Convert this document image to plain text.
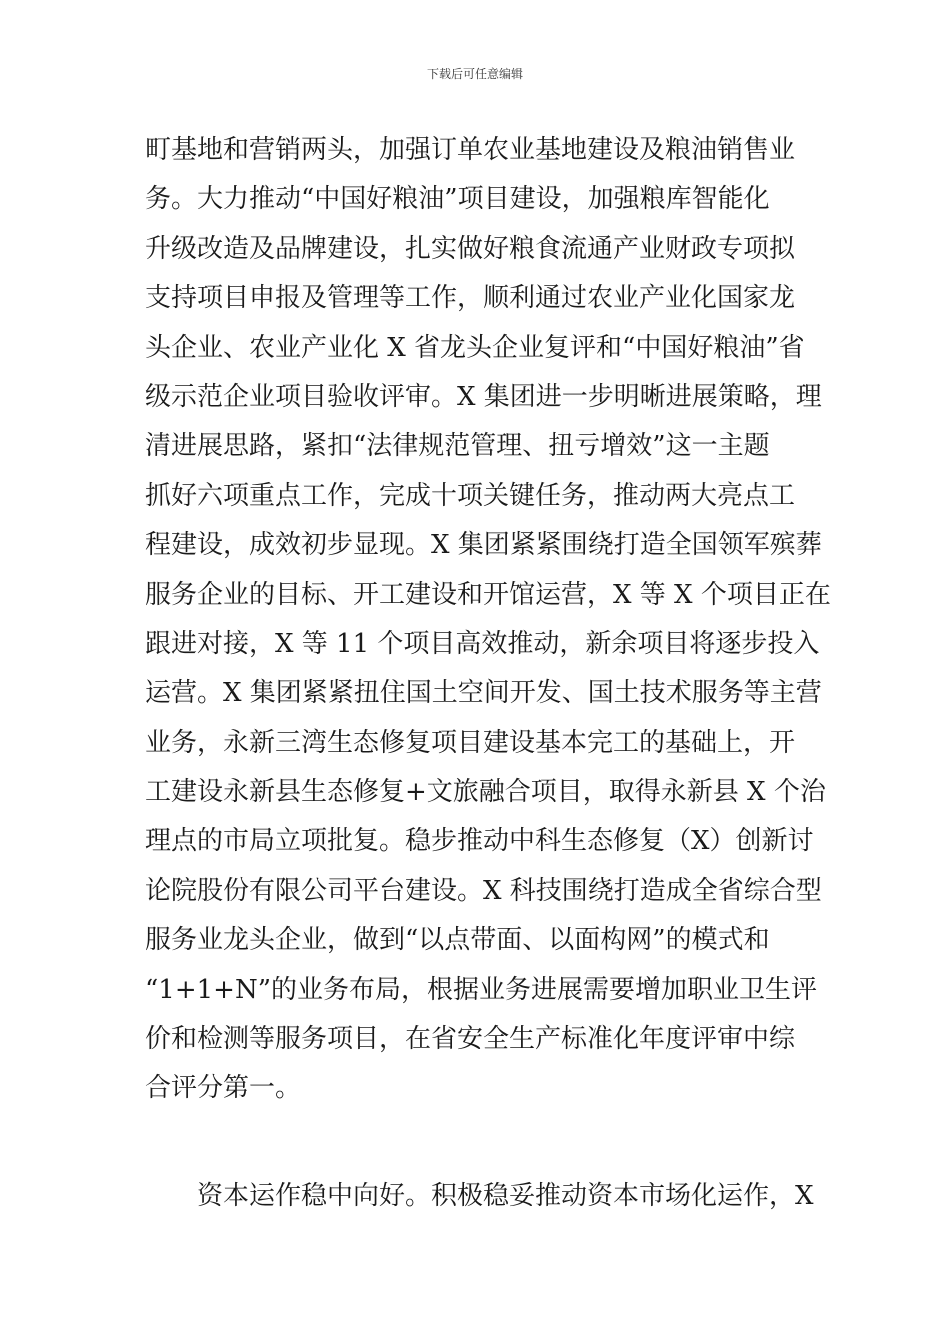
下载后可任意编辑
町基地和营销两头，加强订单农业基地建设及粮油销售业
务。大力推动“中国好粮油”项目建设，加强粮库智能化
升级改造及品牌建设，扎实做好粮食流通产业财政专项拟
支持项目申报及管理等工作，顺利通过农业产业化国家龙
头企业、农业产业化 X 省龙头企业复评和“中国好粮油”省
级示范企业项目验收评审。X 集团进一步明晰进展策略，理
清进展思路，紧扣“法律规范管理、扭亏增效”这一主题
抓好六项重点工作，完成十项关键任务，推动两大亮点工
程建设，成效初步显现。X 集团紧紧围绕打造全国领军殡葬
服务企业的目标、开工建设和开馆运营，X 等 X 个项目正在
跟进对接，X 等 11 个项目高效推动，新余项目将逐步投入
运营。X 集团紧紧扭住国土空间开发、国土技术服务等主营
业务，永新三湾生态修复项目建设基本完工的基础上，开
工建设永新县生态修复+文旅融合项目，取得永新县 X 个治
理点的市局立项批复。稳步推动中科生态修复（X）创新讨
论院股份有限公司平台建设。X 科技围绕打造成全省综合型
服务业龙头企业，做到“以点带面、以面构网”的模式和
“1+1+N”的业务布局，根据业务进展需要增加职业卫生评
价和检测等服务项目，在省安全生产标准化年度评审中综
合评分第一。
资本运作稳中向好。积极稳妥推动资本市场化运作，X
